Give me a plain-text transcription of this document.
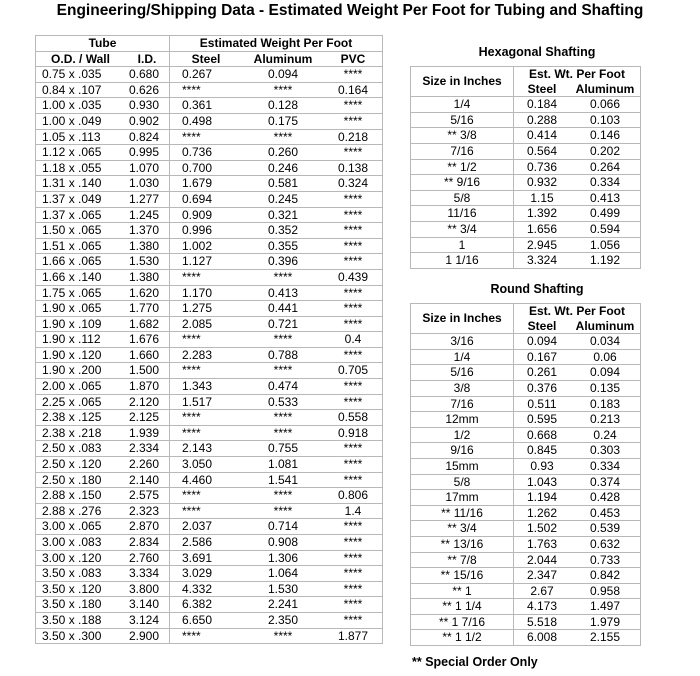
Engineering/Shipping Data - Estimated Weight Per Foot for Tubing and Shafting
Tube		Estimated Weight Per Foot		
O.D. / Wall	I.D.	Steel	Aluminum	PVC
0.75 x .035	0.680	0.267	0.094	****
0.84 x .107	0.626	****	****	0.164
1.00 x .035	0.930	0.361	0.128	****
1.00 x .049	0.902	0.498	0.175	****
1.05 x .113	0.824	****	****	0.218
1.12 x .065	0.995	0.736	0.260	****
1.18 x .055	1.070	0.700	0.246	0.138
1.31 x .140	1.030	1.679	0.581	0.324
1.37 x .049	1.277	0.694	0.245	****
1.37 x .065	1.245	0.909	0.321	****
1.50 x .065	1.370	0.996	0.352	****
1.51 x .065	1.380	1.002	0.355	****
1.66 x .065	1.530	1.127	0.396	****
1.66 x .140	1.380	****	****	0.439
1.75 x .065	1.620	1.170	0.413	****
1.90 x .065	1.770	1.275	0.441	****
1.90 x .109	1.682	2.085	0.721	****
1.90 x .112	1.676	****	****	0.4
1.90 x .120	1.660	2.283	0.788	****
1.90 x .200	1.500	****	****	0.705
2.00 x .065	1.870	1.343	0.474	****
2.25 x .065	2.120	1.517	0.533	****
2.38 x .125	2.125	****	****	0.558
2.38 x .218	1.939	****	****	0.918
2.50 x .083	2.334	2.143	0.755	****
2.50 x .120	2.260	3.050	1.081	****
2.50 x .180	2.140	4.460	1.541	****
2.88 x .150	2.575	****	****	0.806
2.88 x .276	2.323	****	****	1.4
3.00 x .065	2.870	2.037	0.714	****
3.00 x .083	2.834	2.586	0.908	****
3.00 x .120	2.760	3.691	1.306	****
3.50 x .083	3.334	3.029	1.064	****
3.50 x .120	3.800	4.332	1.530	****
3.50 x .180	3.140	6.382	2.241	****
3.50 x .188	3.124	6.650	2.350	****
3.50 x .300	2.900	****	****	1.877
Hexagonal Shafting
Size in Inches	Est. Wt. Per Foot	
	Steel	Aluminum
1/4	0.184	0.066
5/16	0.288	0.103
** 3/8	0.414	0.146
7/16	0.564	0.202
** 1/2	0.736	0.264
** 9/16	0.932	0.334
5/8	1.15	0.413
11/16	1.392	0.499
** 3/4	1.656	0.594
1	2.945	1.056
1 1/16	3.324	1.192
Round Shafting
Size in Inches	Est. Wt. Per Foot	
	Steel	Aluminum
3/16	0.094	0.034
1/4	0.167	0.06
5/16	0.261	0.094
3/8	0.376	0.135
7/16	0.511	0.183
12mm	0.595	0.213
1/2	0.668	0.24
9/16	0.845	0.303
15mm	0.93	0.334
5/8	1.043	0.374
17mm	1.194	0.428
** 11/16	1.262	0.453
** 3/4	1.502	0.539
** 13/16	1.763	0.632
** 7/8	2.044	0.733
** 15/16	2.347	0.842
** 1	2.67	0.958
** 1 1/4	4.173	1.497
** 1 7/16	5.518	1.979
** 1 1/2	6.008	2.155
** Special Order Only
